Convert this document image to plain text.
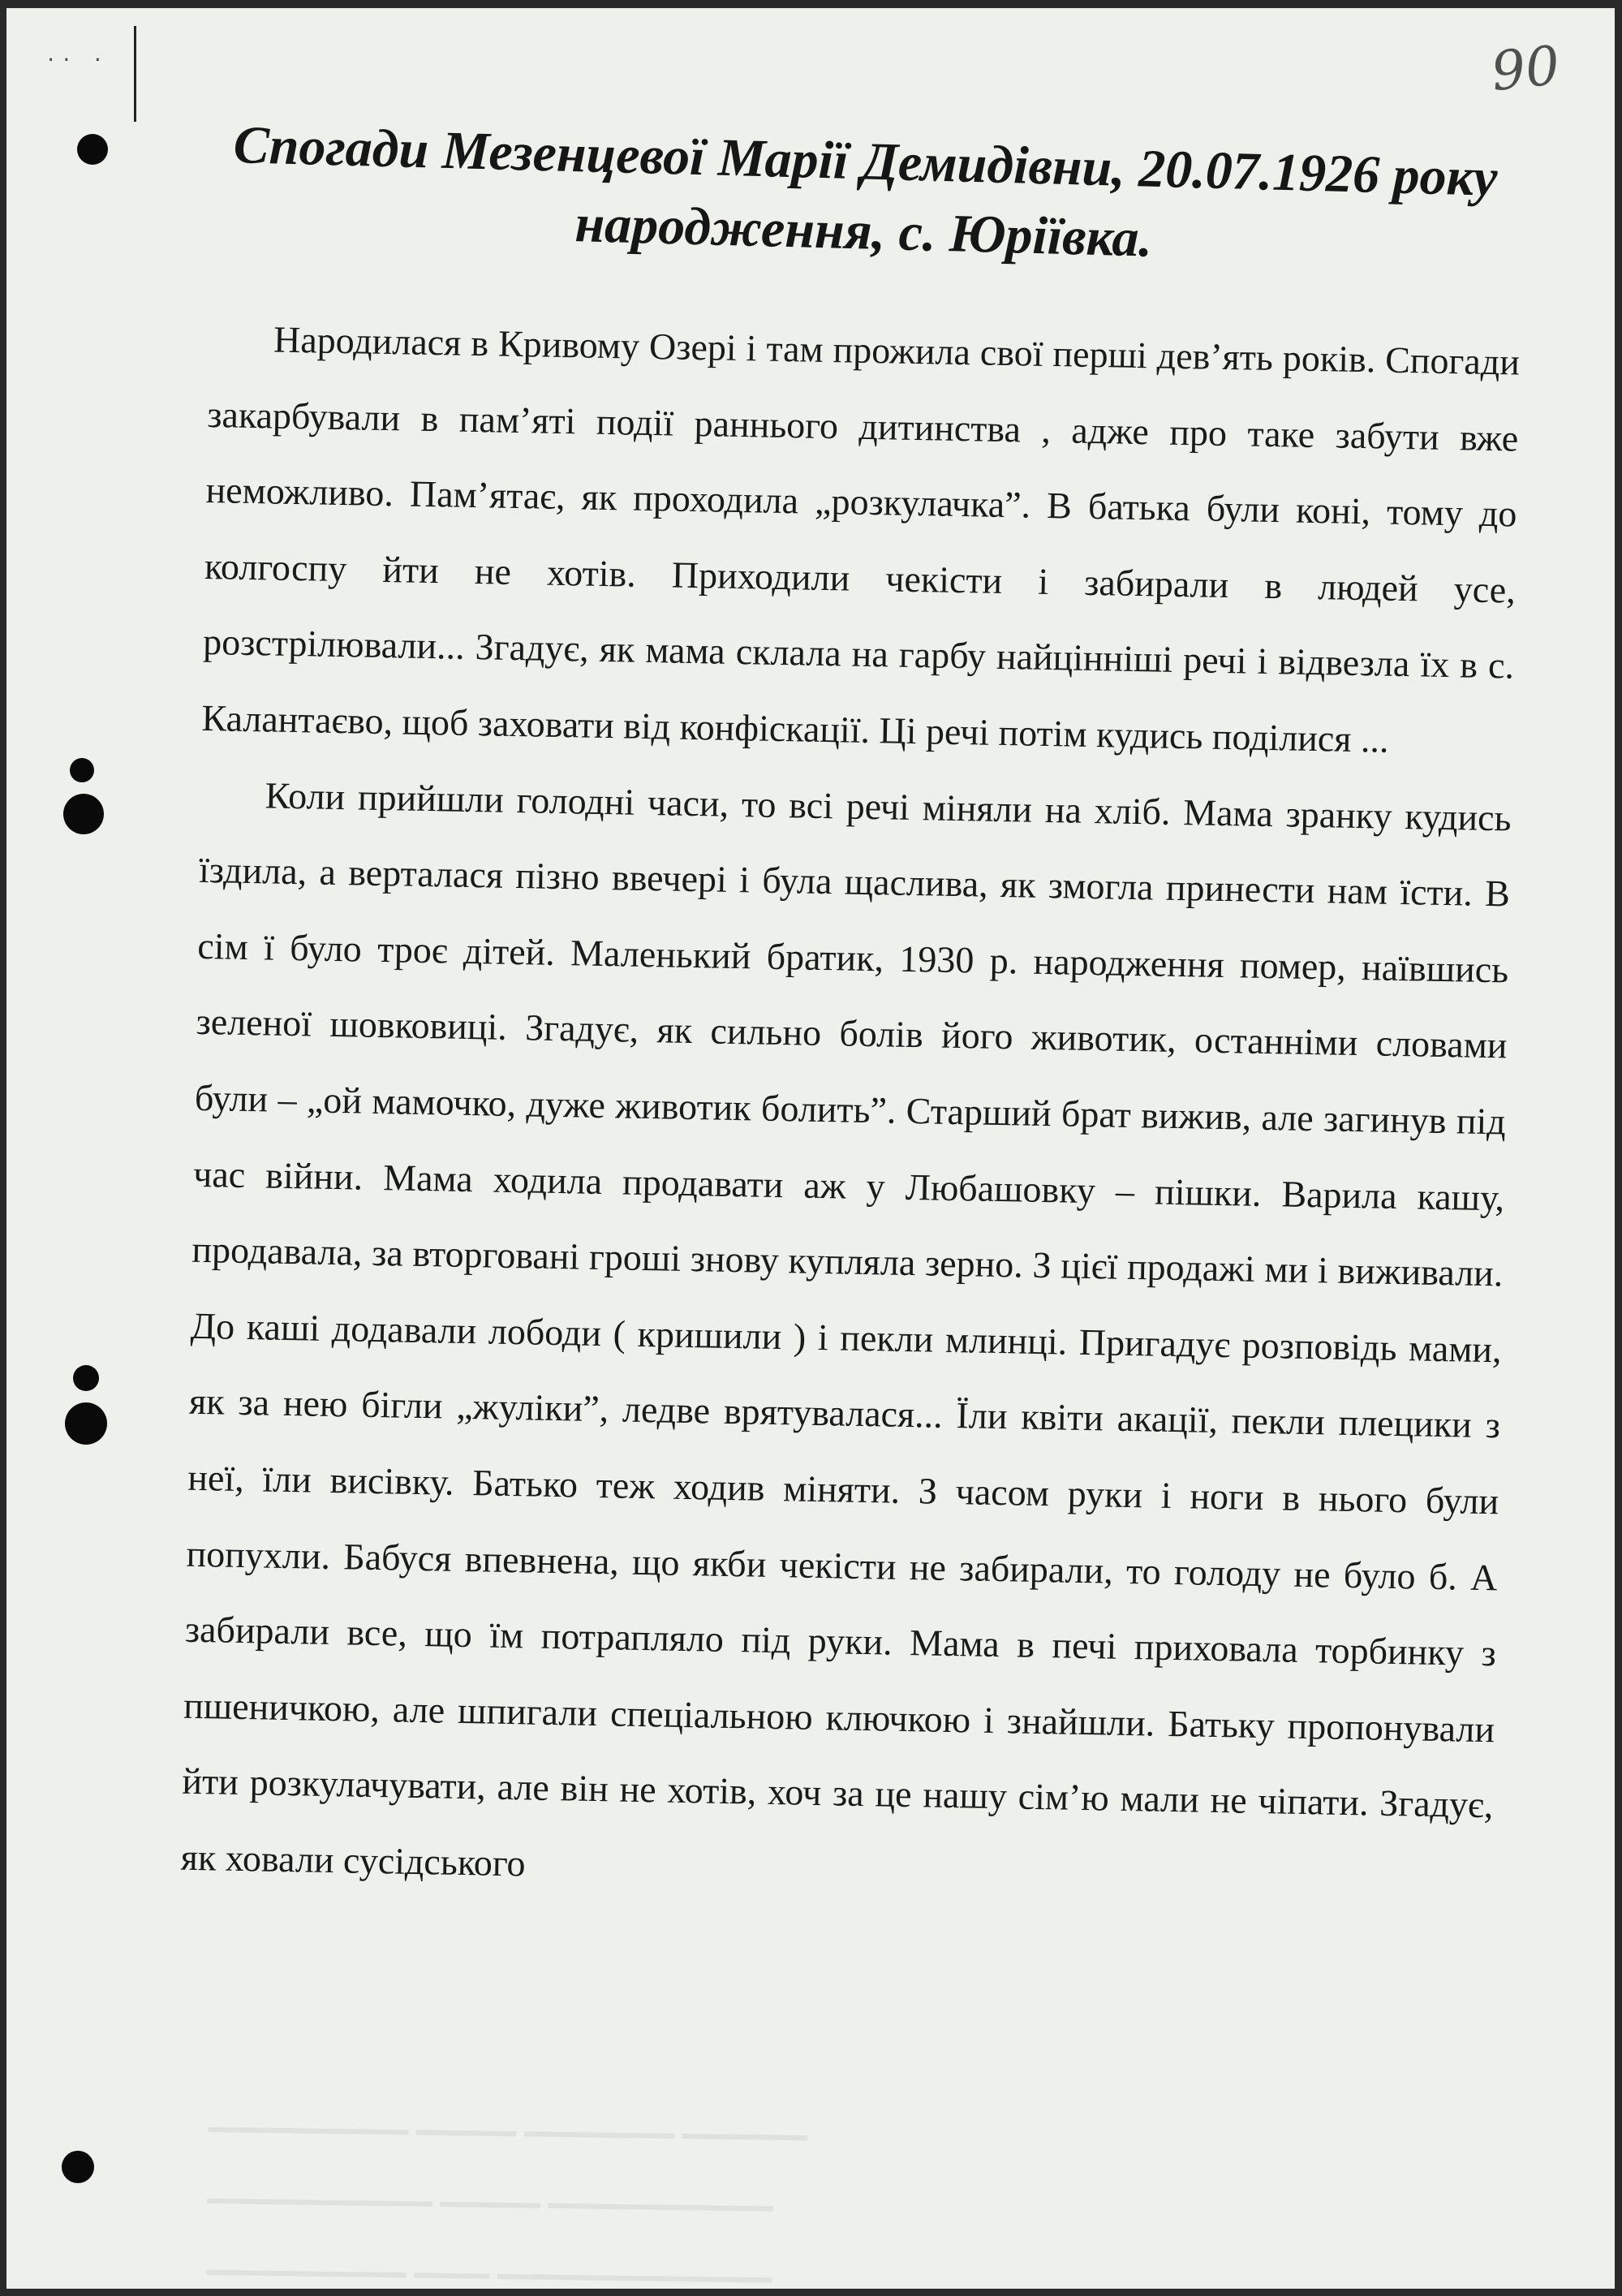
·· ·	90
Спогади Мезенцевої Марії Демидівни, 20.07.1926 року
народження, с. Юріївка.

Народилася в Кривому Озері і там прожила свої перші дев’ять років. Спогади закарбували в пам’яті події раннього дитинства , адже про таке забути вже неможливо. Пам’ятає, як проходила „розкулачка”. В батька були коні, тому до колгоспу йти не хотів. Приходили чекісти і забирали в людей усе, розстрілювали... Згадує, як мама склала на гарбу найцінніші речі і відвезла їх в с. Калантаєво, щоб заховати від конфіскації. Ці речі потім кудись поділися ...

Коли прийшли голодні часи, то всі речі міняли на хліб. Мама зранку кудись їздила, а верталася пізно ввечері і була щаслива, як змогла принести нам їсти. В сім ї було троє дітей. Маленький братик, 1930 р. народження помер, наївшись зеленої шовковиці. Згадує, як сильно болів його животик, останніми словами були – „ой мамочко, дуже животик болить”. Старший брат вижив, але загинув під час війни. Мама ходила продавати аж у Любашовку – пішки. Варила кашу, продавала, за вторговані гроші знову купляла зерно. З цієї продажі ми і виживали. До каші додавали лободи ( кришили ) і пекли млинці. Пригадує розповідь мами, як за нею бігли „жуліки”, ледве врятувалася... Їли квіти акації, пекли плецики з неї, їли висівку. Батько теж ходив міняти. З часом руки і ноги в нього були попухли. Бабуся впевнена, що якби чекісти не забирали, то голоду не було б. А забирали все, що їм потрапляло під руки. Мама в печі приховала торбинку з пшеничкою, але шпигали спеціальною ключкою і знайшли. Батьку пропонували йти розкулачувати, але він не хотів, хоч за це нашу сім’ю мали не чіпати. Згадує, як ховали сусідського

▁▁▁▁▁▁▁▁ ▁▁▁▁ ▁▁▁▁▁▁ ▁▁▁▁▁
▁▁▁▁▁▁▁▁▁ ▁▁▁▁ ▁▁▁▁▁▁▁▁▁
▁▁▁▁▁▁▁▁ ▁▁▁ ▁▁▁▁▁▁▁▁▁▁▁
